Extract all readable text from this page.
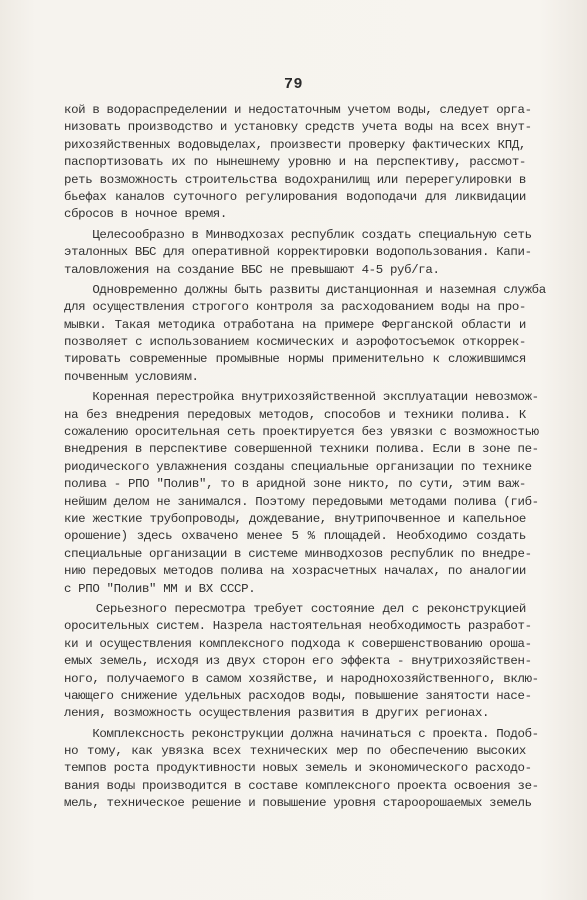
79
кой в водораспределении и недостаточным учетом воды, следует орга-
низовать производство и установку средств учета воды на всех внут-
рихозяйственных водовыделах, произвести проверку фактических КПД,
паспортизовать их по нынешнему уровню и на перспективу, рассмот-
реть возможность строительства водохранилищ или перерегулировки в
бьефах каналов суточного регулирования водоподачи для ликвидации
сбросов в ночное время.
Целесообразно в Минводхозах республик создать специальную сеть
эталонных ВБС для оперативной корректировки водопользования. Капи-
таловложения на создание ВБС не превышают 4-5 руб/га.
Одновременно должны быть развиты дистанционная и наземная служба
для осуществления строгого контроля за расходованием воды на про-
мывки. Такая методика отработана на примере Ферганской области и
позволяет с использованием космических и аэрофотосъемок откоррек-
тировать современные промывные нормы применительно к сложившимся
почвенным условиям.
Коренная перестройка внутрихозяйственной эксплуатации невозмож-
на без внедрения передовых методов, способов и техники полива. К
сожалению оросительная сеть проектируется без увязки с возможностью
внедрения в перспективе совершенной техники полива. Если в зоне пе-
риодического увлажнения созданы специальные организации по технике
полива - РПО "Полив", то в аридной зоне никто, по сути, этим важ-
нейшим делом не занимался. Поэтому передовыми методами полива (гиб-
кие жесткие трубопроводы, дождевание, внутрипочвенное и капельное
орошение) здесь охвачено менее 5 % площадей. Необходимо создать
специальные организации в системе минводхозов республик по внедре-
нию передовых методов полива на хозрасчетных началах, по аналогии
с РПО "Полив" ММ и ВХ СССР.
Серьезного пересмотра требует состояние дел с реконструкцией
оросительных систем. Назрела настоятельная необходимость разработ-
ки и осуществления комплексного подхода к совершенствованию ороша-
емых земель, исходя из двух сторон его эффекта - внутрихозяйствен-
ного, получаемого в самом хозяйстве, и народнохозяйственного, вклю-
чающего снижение удельных расходов воды, повышение занятости насе-
ления, возможность осуществления развития в других регионах.
Комплексность реконструкции должна начинаться с проекта. Подоб-
но тому, как увязка всех технических мер по обеспечению высоких
темпов роста продуктивности новых земель и экономического расходо-
вания воды производится в составе комплексного проекта освоения зе-
мель, техническое решение и повышение уровня староорошаемых земель
